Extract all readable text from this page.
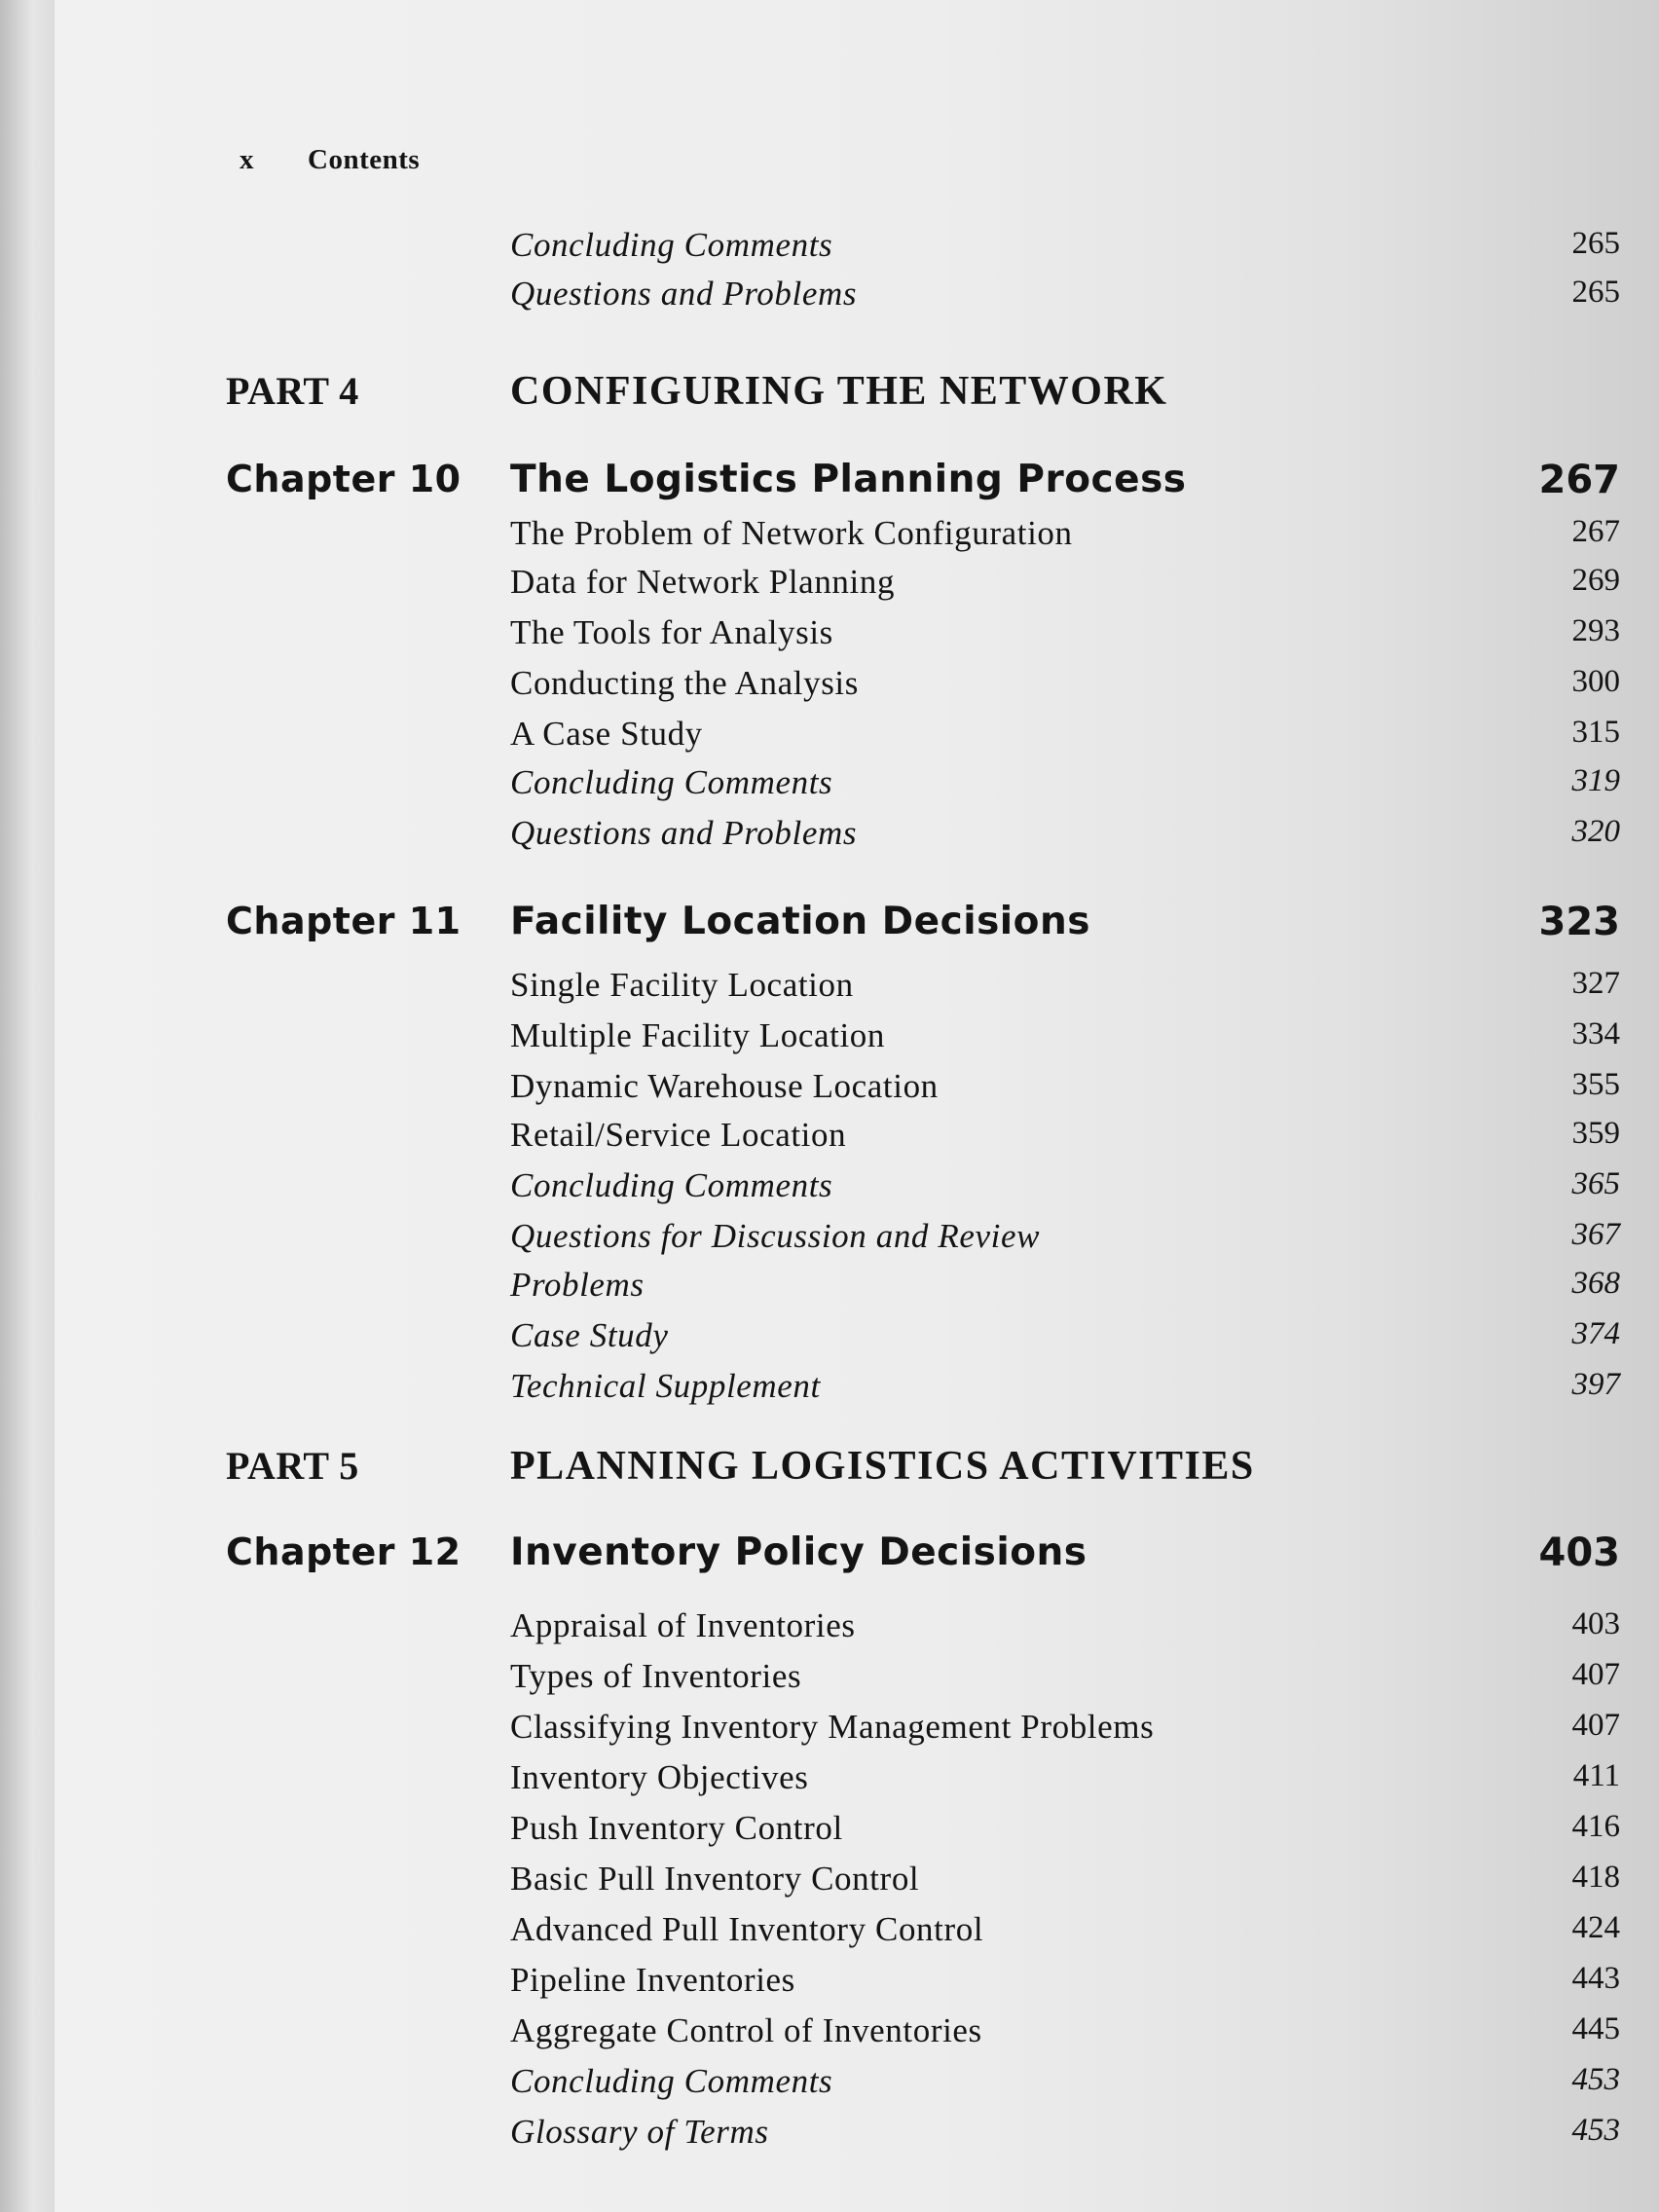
x Contents
Concluding Comments	265
Questions and Problems	265
PART 4	CONFIGURING THE NETWORK
Chapter 10 The Logistics Planning Process	267
The Problem of Network Configuration	267
Data for Network Planning	269
The Tools for Analysis	293
Conducting the Analysis	300
A Case Study	315
Concluding Comments	319
Questions and Problems	320
Chapter 11 Facility Location Decisions	323
Single Facility Location	327
Multiple Facility Location	334
Dynamic Warehouse Location	355
Retail/Service Location	359
Concluding Comments	365
Questions for Discussion and Review	367
Problems	368
Case Study	374
Technical Supplement	397
PART 5	PLANNING LOGISTICS ACTIVITIES
Chapter 12 Inventory Policy Decisions	403
Appraisal of Inventories	403
Types of Inventories	407
Classifying Inventory Management Problems	407
Inventory Objectives	411
Push Inventory Control	416
Basic Pull Inventory Control	418
Advanced Pull Inventory Control	424
Pipeline Inventories	443
Aggregate Control of Inventories	445
Concluding Comments	453
Glossary of Terms	453
